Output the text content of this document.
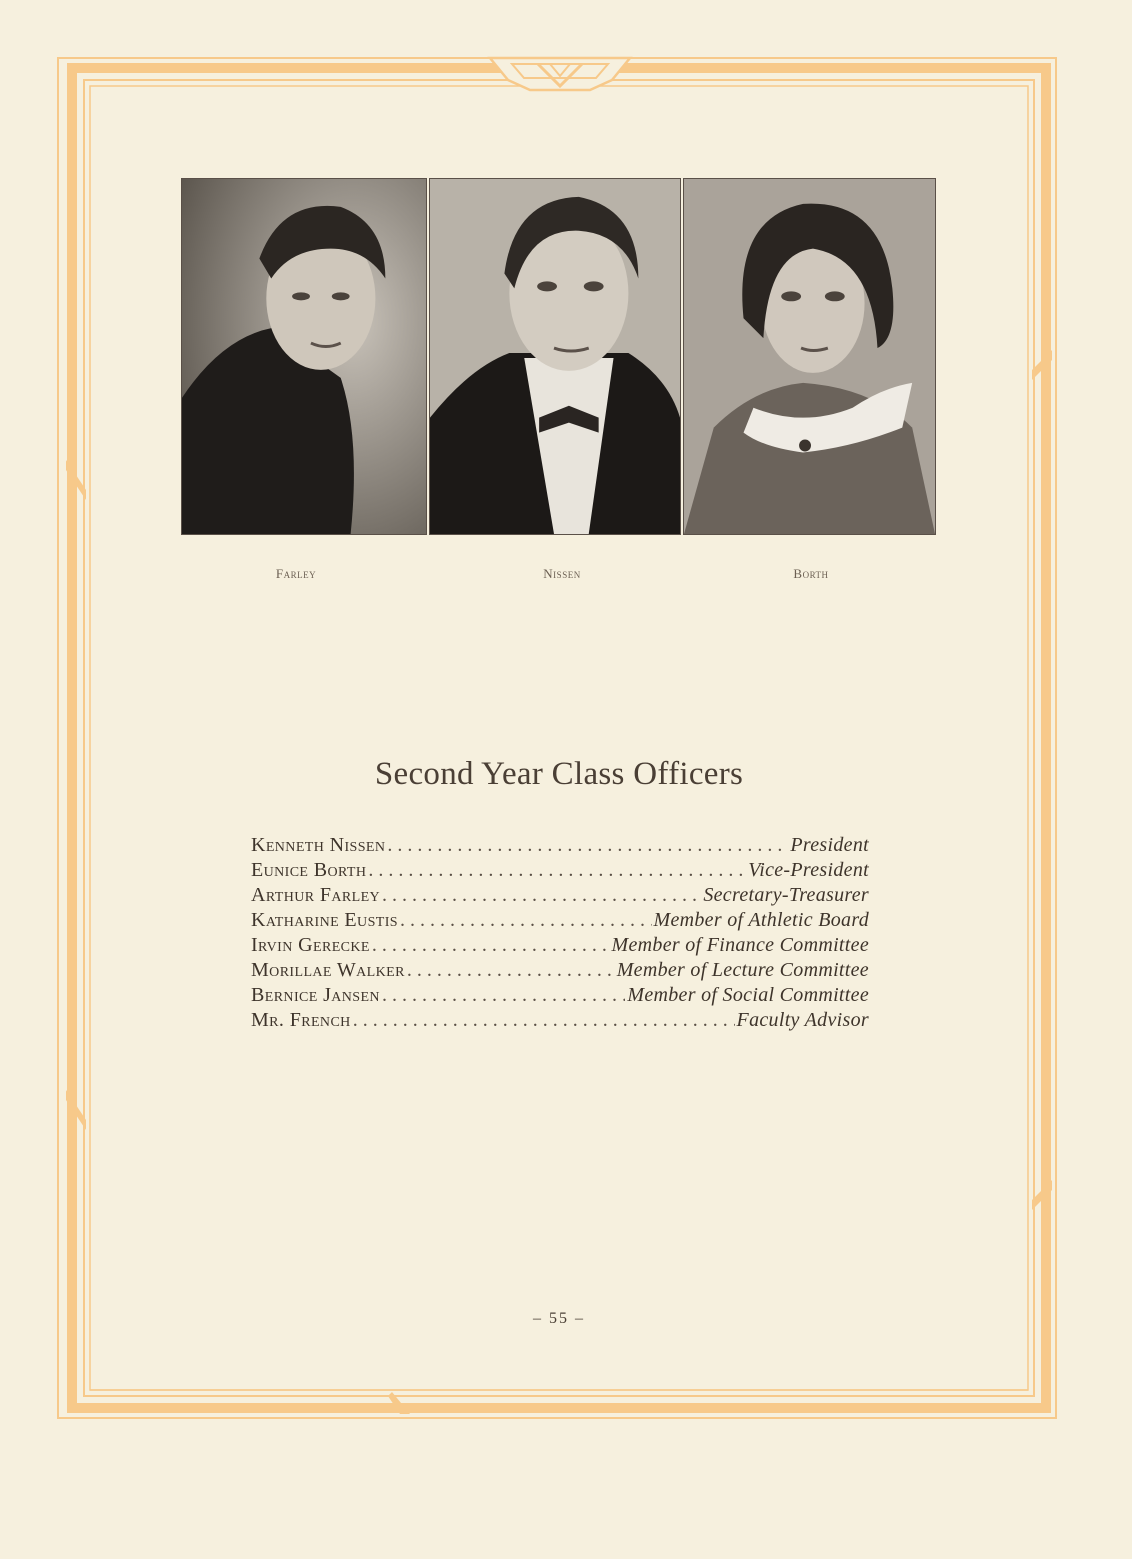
Farley	Nissen	Borth
Second Year Class Officers
Kenneth Nissen . . .	President
Eunice Borth . . .	Vice-President
Arthur Farley . . .	Secretary-Treasurer
Katharine Eustis . . .	Member of Athletic Board
Irvin Gerecke . . .	Member of Finance Committee
Morillae Walker . . .	Member of Lecture Committee
Bernice Jansen . . .	Member of Social Committee
Mr. French . . .	Faculty Advisor
– 55 –
